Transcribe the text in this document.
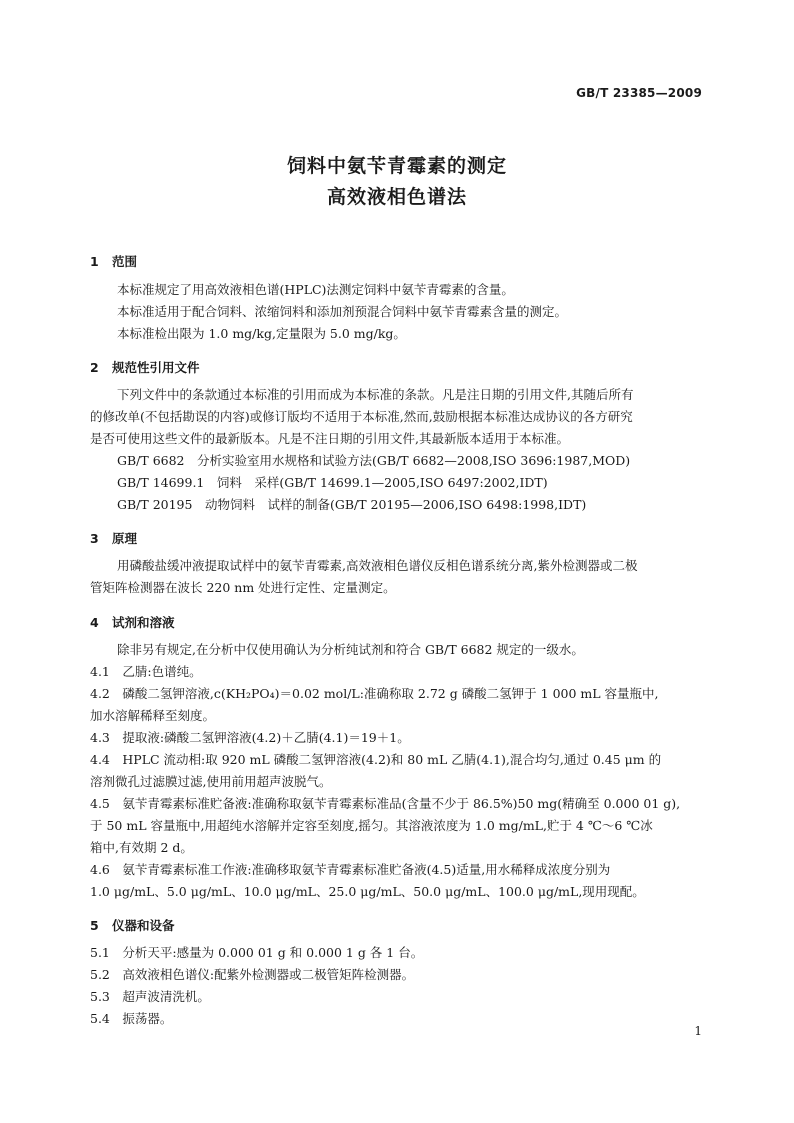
GB/T 23385—2009
饲料中氨苄青霉素的测定
高效液相色谱法
1 范围
本标准规定了用高效液相色谱(HPLC)法测定饲料中氨苄青霉素的含量。
本标准适用于配合饲料、浓缩饲料和添加剂预混合饲料中氨苄青霉素含量的测定。
本标准检出限为 1.0 mg/kg,定量限为 5.0 mg/kg。
2 规范性引用文件
下列文件中的条款通过本标准的引用而成为本标准的条款。凡是注日期的引用文件,其随后所有
的修改单(不包括勘误的内容)或修订版均不适用于本标准,然而,鼓励根据本标准达成协议的各方研究
是否可使用这些文件的最新版本。凡是不注日期的引用文件,其最新版本适用于本标准。
GB/T 6682　分析实验室用水规格和试验方法(GB/T 6682—2008,ISO 3696:1987,MOD)
GB/T 14699.1　饲料　采样(GB/T 14699.1—2005,ISO 6497:2002,IDT)
GB/T 20195　动物饲料　试样的制备(GB/T 20195—2006,ISO 6498:1998,IDT)
3 原理
用磷酸盐缓冲液提取试样中的氨苄青霉素,高效液相色谱仪反相色谱系统分离,紫外检测器或二极
管矩阵检测器在波长 220 nm 处进行定性、定量测定。
4 试剂和溶液
除非另有规定,在分析中仅使用确认为分析纯试剂和符合 GB/T 6682 规定的一级水。
4.1　乙腈:色谱纯。
4.2　磷酸二氢钾溶液,c(KH₂PO₄)＝0.02 mol/L:准确称取 2.72 g 磷酸二氢钾于 1 000 mL 容量瓶中,
加水溶解稀释至刻度。
4.3　提取液:磷酸二氢钾溶液(4.2)＋乙腈(4.1)＝19＋1。
4.4　HPLC 流动相:取 920 mL 磷酸二氢钾溶液(4.2)和 80 mL 乙腈(4.1),混合均匀,通过 0.45 μm 的
溶剂微孔过滤膜过滤,使用前用超声波脱气。
4.5　氨苄青霉素标准贮备液:准确称取氨苄青霉素标准品(含量不少于 86.5%)50 mg(精确至 0.000 01 g),
于 50 mL 容量瓶中,用超纯水溶解并定容至刻度,摇匀。其溶液浓度为 1.0 mg/mL,贮于 4 ℃～6 ℃冰
箱中,有效期 2 d。
4.6　氨苄青霉素标准工作液:准确移取氨苄青霉素标准贮备液(4.5)适量,用水稀释成浓度分别为
1.0 μg/mL、5.0 μg/mL、10.0 μg/mL、25.0 μg/mL、50.0 μg/mL、100.0 μg/mL,现用现配。
5 仪器和设备
5.1　分析天平:感量为 0.000 01 g 和 0.000 1 g 各 1 台。
5.2　高效液相色谱仪:配紫外检测器或二极管矩阵检测器。
5.3　超声波清洗机。
5.4　振荡器。
1
